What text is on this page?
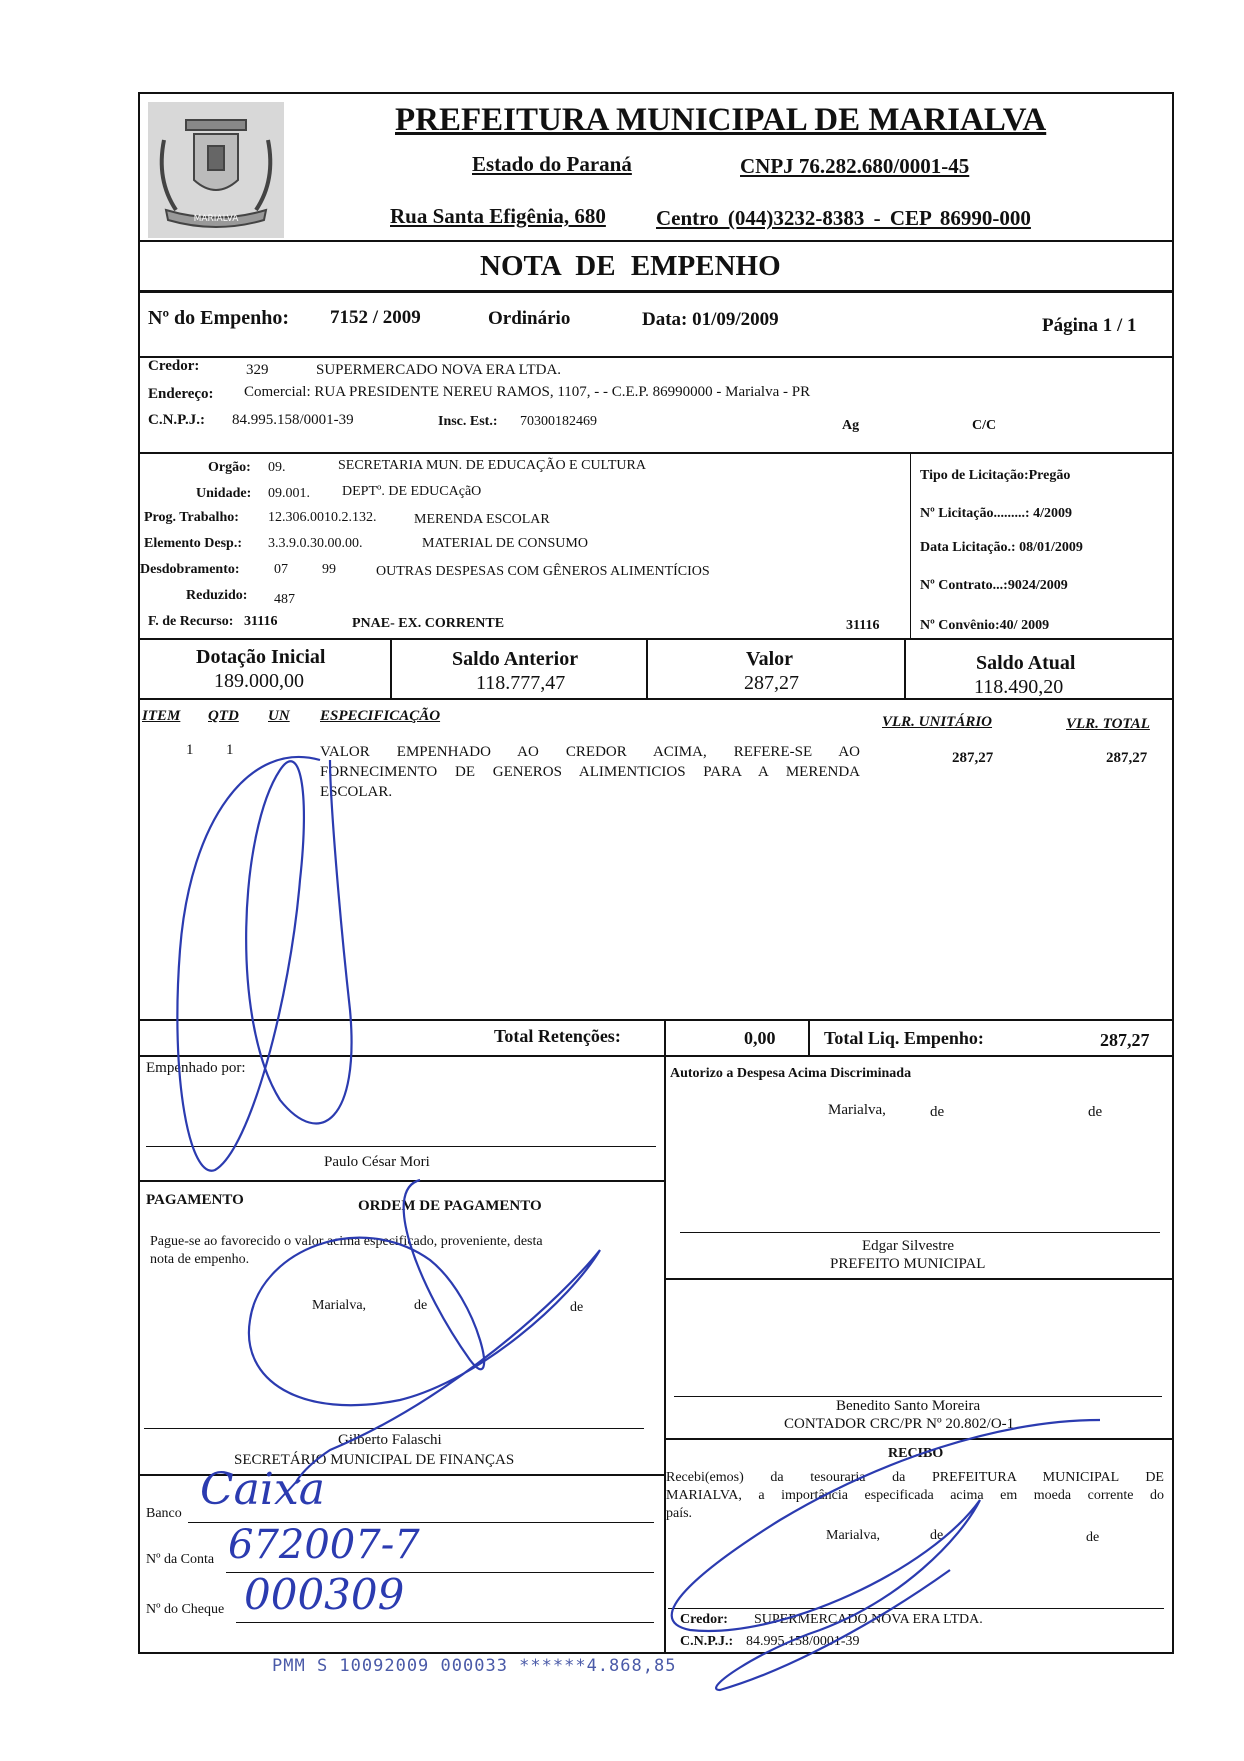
MARIALVA
PREFEITURA MUNICIPAL DE MARIALVA
Estado do Paraná	CNPJ 76.282.680/0001-45
Rua Santa Efigênia, 680 Centro (044)3232-8383 - CEP 86990-000
NOTA DE EMPENHO
Nº do Empenho: 7152 / 2009	Ordinário	Data: 01/09/2009	Página 1 / 1
Credor:	329	SUPERMERCADO NOVA ERA LTDA.
Endereço: Comercial: RUA PRESIDENTE NEREU RAMOS, 1107, - - C.E.P. 86990000 - Marialva - PR
C.N.P.J.: 84.995.158/0001-39	Insc. Est.: 70300182469	Ag	C/C
Orgão: 09.	SECRETARIA MUN. DE EDUCAÇÃO E CULTURA
Unidade: 09.001. DEPTº. DE EDUCAçãO
Prog. Trabalho: 12.306.0010.2.132.	MERENDA ESCOLAR
Elemento Desp.: 3.3.9.0.30.00.00.	MATERIAL DE CONSUMO
Desdobramento: 07 99	OUTRAS DESPESAS COM GÊNEROS ALIMENTÍCIOS
Reduzido: 487
F. de Recurso: 31116	PNAE- EX. CORRENTE	31116
Tipo de Licitação:Pregão
Nº Licitação.........: 4/2009
Data Licitação.: 08/01/2009
Nº Contrato...:9024/2009
Nº Convênio:40/ 2009
Dotação Inicial
189.000,00
Saldo Anterior
118.777,47
Valor
287,27
Saldo Atual
118.490,20
ITEM QTD UN ESPECIFICAÇÃO	VLR. UNITÁRIO	VLR. TOTAL
1 1	VALOR EMPENHADO AO CREDOR ACIMA, REFERE-SE AO
FORNECIMENTO DE GENEROS ALIMENTICIOS PARA A MERENDA
ESCOLAR.
287,27	287,27
Total Retenções:	0,00	Total Liq. Empenho:	287,27
Empenhado por:
Paulo César Mori
Autorizo a Despesa Acima Discriminada
Marialva,	de	de
Edgar Silvestre
PREFEITO MUNICIPAL
Benedito Santo Moreira
CONTADOR CRC/PR Nº 20.802/O-1
PAGAMENTO	ORDEM DE PAGAMENTO
Pague-se ao favorecido o valor acima especificado, proveniente, desta
nota de empenho.
Marialva,	de	de
Gilberto Falaschi
SECRETÁRIO MUNICIPAL DE FINANÇAS
Banco Caixa
Nº da Conta 672007-7
Nº do Cheque 000309
RECIBO
Recebi(emos) da tesouraria da PREFEITURA MUNICIPAL DE
MARIALVA, a importância especificada acima em moeda corrente do
país.
Marialva,	de	de
Credor: SUPERMERCADO NOVA ERA LTDA.
C.N.P.J.: 84.995.158/0001-39
PMM S 10092009 000033 ******4.868,85
